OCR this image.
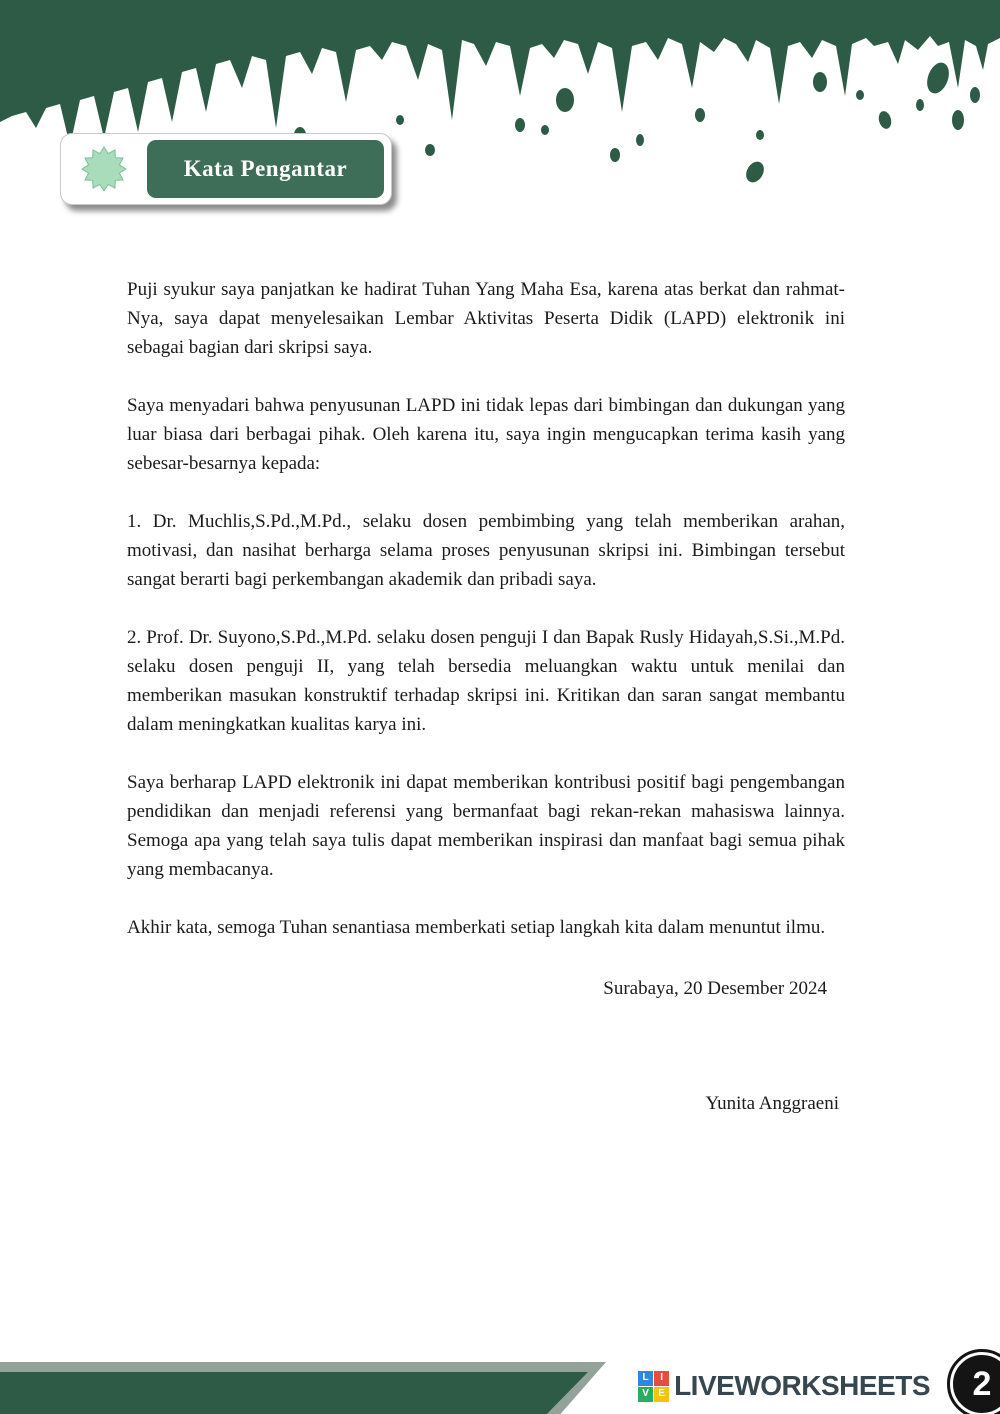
Kata Pengantar

Puji syukur saya panjatkan ke hadirat Tuhan Yang Maha Esa, karena atas berkat dan rahmat-Nya, saya dapat menyelesaikan Lembar Aktivitas Peserta Didik (LAPD) elektronik ini sebagai bagian dari skripsi saya.

Saya menyadari bahwa penyusunan LAPD ini tidak lepas dari bimbingan dan dukungan yang luar biasa dari berbagai pihak. Oleh karena itu, saya ingin mengucapkan terima kasih yang sebesar-besarnya kepada:

1. Dr. Muchlis,S.Pd.,M.Pd., selaku dosen pembimbing yang telah memberikan arahan, motivasi, dan nasihat berharga selama proses penyusunan skripsi ini. Bimbingan tersebut sangat berarti bagi perkembangan akademik dan pribadi saya.

2. Prof. Dr. Suyono,S.Pd.,M.Pd. selaku dosen penguji I dan Bapak Rusly Hidayah,S.Si.,M.Pd. selaku dosen penguji II, yang telah bersedia meluangkan waktu untuk menilai dan memberikan masukan konstruktif terhadap skripsi ini. Kritikan dan saran sangat membantu dalam meningkatkan kualitas karya ini.

Saya berharap LAPD elektronik ini dapat memberikan kontribusi positif bagi pengembangan pendidikan dan menjadi referensi yang bermanfaat bagi rekan-rekan mahasiswa lainnya. Semoga apa yang telah saya tulis dapat memberikan inspirasi dan manfaat bagi semua pihak yang membacanya.

Akhir kata, semoga Tuhan senantiasa memberkati setiap langkah kita dalam menuntut ilmu.

Surabaya, 20 Desember 2024
Yunita Anggraeni
L	I
V E LIVEWORKSHEETS	2
